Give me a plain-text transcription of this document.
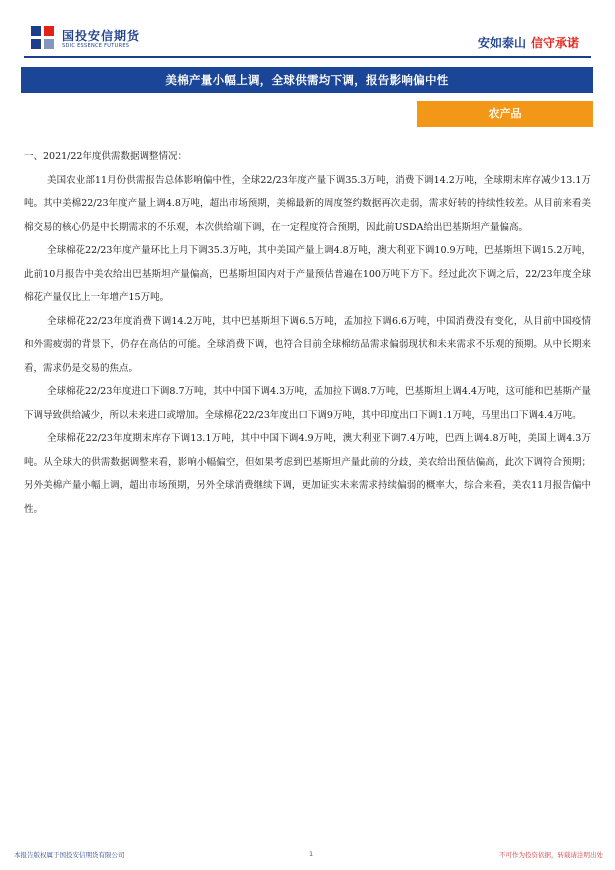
国投安信期货
SDIC ESSENCE FUTURES	安如泰山 信守承诺
美棉产量小幅上调，全球供需均下调，报告影响偏中性
农产品

一、2021/22年度供需数据调整情况：

美国农业部11月份供需报告总体影响偏中性，全球22/23年度产量下调35.3万吨，消费下调14.2万吨，全球期末库存减少13.1万吨。其中美棉22/23年度产量上调4.8万吨，超出市场预期，美棉最新的周度签约数据再次走弱，需求好转的持续性较差。从目前来看美棉交易的核心仍是中长期需求的不乐观，本次供给端下调，在一定程度符合预期，因此前USDA给出巴基斯坦产量偏高。

全球棉花22/23年度产量环比上月下调35.3万吨，其中美国产量上调4.8万吨，澳大利亚下调10.9万吨，巴基斯坦下调15.2万吨，此前10月报告中美农给出巴基斯坦产量偏高，巴基斯坦国内对于产量预估普遍在100万吨下方下。经过此次下调之后，22/23年度全球棉花产量仅比上一年增产15万吨。

全球棉花22/23年度消费下调14.2万吨，其中巴基斯坦下调6.5万吨，孟加拉下调6.6万吨，中国消费没有变化，从目前中国疫情和外需疲弱的背景下，仍存在高估的可能。全球消费下调，也符合目前全球棉纺品需求偏弱现状和未来需求不乐观的预期。从中长期来看，需求仍是交易的焦点。

全球棉花22/23年度进口下调8.7万吨，其中中国下调4.3万吨，孟加拉下调8.7万吨，巴基斯坦上调4.4万吨，这可能和巴基斯产量下调导致供给减少，所以未来进口或增加。全球棉花22/23年度出口下调9万吨，其中印度出口下调1.1万吨，马里出口下调4.4万吨。

全球棉花22/23年度期末库存下调13.1万吨，其中中国下调4.9万吨，澳大利亚下调7.4万吨，巴西上调4.8万吨，美国上调4.3万吨。从全球大的供需数据调整来看，影响小幅偏空，但如果考虑到巴基斯坦产量此前的分歧，美农给出预估偏高，此次下调符合预期；另外美棉产量小幅上调，超出市场预期，另外全球消费继续下调，更加证实未来需求持续偏弱的概率大，综合来看，美农11月报告偏中性。

本报告版权属于国投安信期货有限公司	1	不可作为投资依据，转载请注明出处
